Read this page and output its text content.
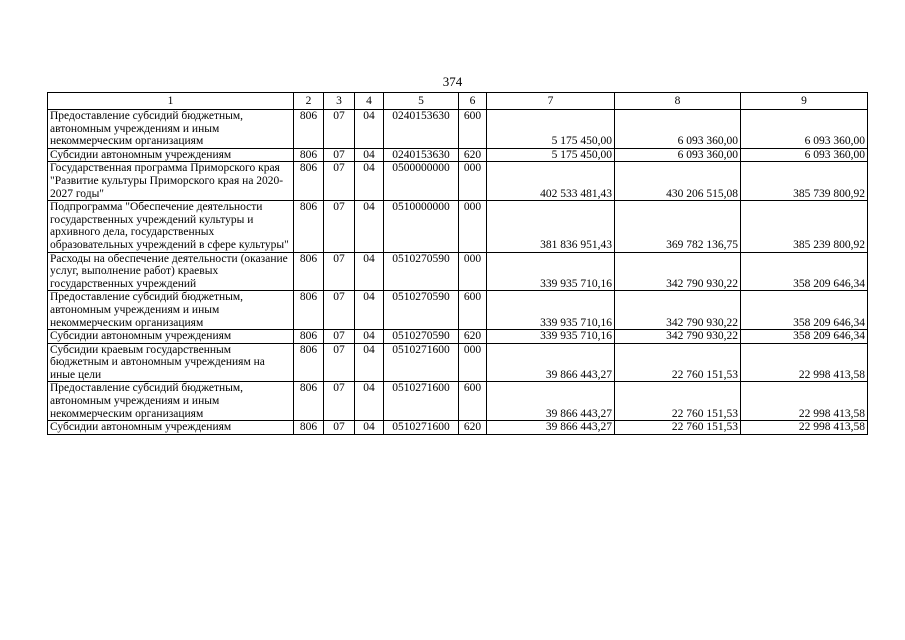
374
1	2	3	4	5	6	7	8	9
Предоставление субсидий бюджетным, автономным учреждениям и иным некоммерческим организациям	806	07	04	0240153630	600	5 175 450,00	6 093 360,00	6 093 360,00
Субсидии автономным учреждениям	806	07	04	0240153630	620	5 175 450,00	6 093 360,00	6 093 360,00
Государственная программа Приморского края "Развитие культуры Приморского края на 2020-2027 годы"	806	07	04	0500000000	000	402 533 481,43	430 206 515,08	385 739 800,92
Подпрограмма "Обеспечение деятельности государственных учреждений культуры и архивного дела, государственных образовательных учреждений в сфере культуры"	806	07	04	0510000000	000	381 836 951,43	369 782 136,75	385 239 800,92
Расходы на обеспечение деятельности (оказание услуг, выполнение работ) краевых государственных учреждений	806	07	04	0510270590	000	339 935 710,16	342 790 930,22	358 209 646,34
Предоставление субсидий бюджетным, автономным учреждениям и иным некоммерческим организациям	806	07	04	0510270590	600	339 935 710,16	342 790 930,22	358 209 646,34
Субсидии автономным учреждениям	806	07	04	0510270590	620	339 935 710,16	342 790 930,22	358 209 646,34
Субсидии краевым государственным бюджетным и автономным учреждениям на иные цели	806	07	04	0510271600	000	39 866 443,27	22 760 151,53	22 998 413,58
Предоставление субсидий бюджетным, автономным учреждениям и иным некоммерческим организациям	806	07	04	0510271600	600	39 866 443,27	22 760 151,53	22 998 413,58
Субсидии автономным учреждениям	806	07	04	0510271600	620	39 866 443,27	22 760 151,53	22 998 413,58
